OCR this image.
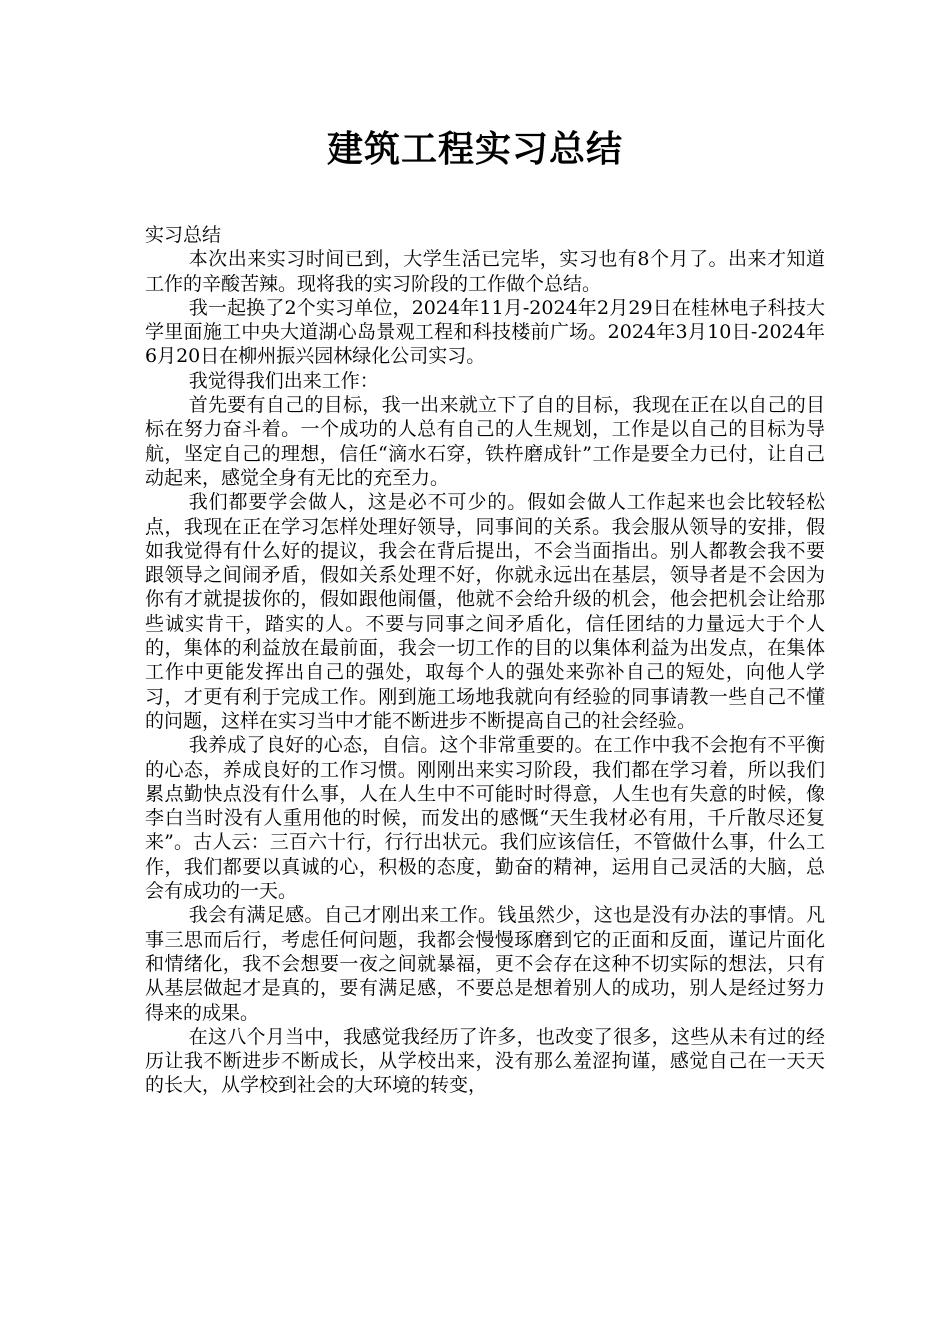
建筑工程实习总结

实习总结

本次出来实习时间已到，大学生活已完毕，实习也有8个月了。出来才知道工作的辛酸苦辣。现将我的实习阶段的工作做个总结。

我一起换了2个实习单位，2024年11月-2024年2月29日在桂林电子科技大学里面施工中央大道湖心岛景观工程和科技楼前广场。2024年3月10日-2024年6月20日在柳州振兴园林绿化公司实习。

我觉得我们出来工作：

首先要有自己的目标，我一出来就立下了自的目标，我现在正在以自己的目标在努力奋斗着。一个成功的人总有自己的人生规划，工作是以自己的目标为导航，坚定自己的理想，信任“滴水石穿，铁杵磨成针”工作是要全力已付，让自己动起来，感觉全身有无比的充至力。

我们都要学会做人，这是必不可少的。假如会做人工作起来也会比较轻松点，我现在正在学习怎样处理好领导，同事间的关系。我会服从领导的安排，假如我觉得有什么好的提议，我会在背后提出，不会当面指出。别人都教会我不要跟领导之间闹矛盾，假如关系处理不好，你就永远出在基层，领导者是不会因为你有才就提拔你的，假如跟他闹僵，他就不会给升级的机会，他会把机会让给那些诚实肯干，踏实的人。不要与同事之间矛盾化，信任团结的力量远大于个人的，集体的利益放在最前面，我会一切工作的目的以集体利益为出发点，在集体工作中更能发挥出自己的强处，取每个人的强处来弥补自己的短处，向他人学习，才更有利于完成工作。刚到施工场地我就向有经验的同事请教一些自己不懂的问题，这样在实习当中才能不断进步不断提高自己的社会经验。

我养成了良好的心态，自信。这个非常重要的。在工作中我不会抱有不平衡的心态，养成良好的工作习惯。刚刚出来实习阶段，我们都在学习着，所以我们累点勤快点没有什么事，人在人生中不可能时时得意，人生也有失意的时候，像李白当时没有人重用他的时候，而发出的感慨“天生我材必有用，千斤散尽还复来”。古人云：三百六十行，行行出状元。我们应该信任，不管做什么事，什么工作，我们都要以真诚的心，积极的态度，勤奋的精神，运用自己灵活的大脑，总会有成功的一天。

我会有满足感。自己才刚出来工作。钱虽然少，这也是没有办法的事情。凡事三思而后行，考虑任何问题，我都会慢慢琢磨到它的正面和反面，谨记片面化和情绪化，我不会想要一夜之间就暴福，更不会存在这种不切实际的想法，只有从基层做起才是真的，要有满足感，不要总是想着别人的成功，别人是经过努力得来的成果。

在这八个月当中，我感觉我经历了许多，也改变了很多，这些从未有过的经历让我不断进步不断成长，从学校出来，没有那么羞涩拘谨，感觉自己在一天天的长大，从学校到社会的大环境的转变，
